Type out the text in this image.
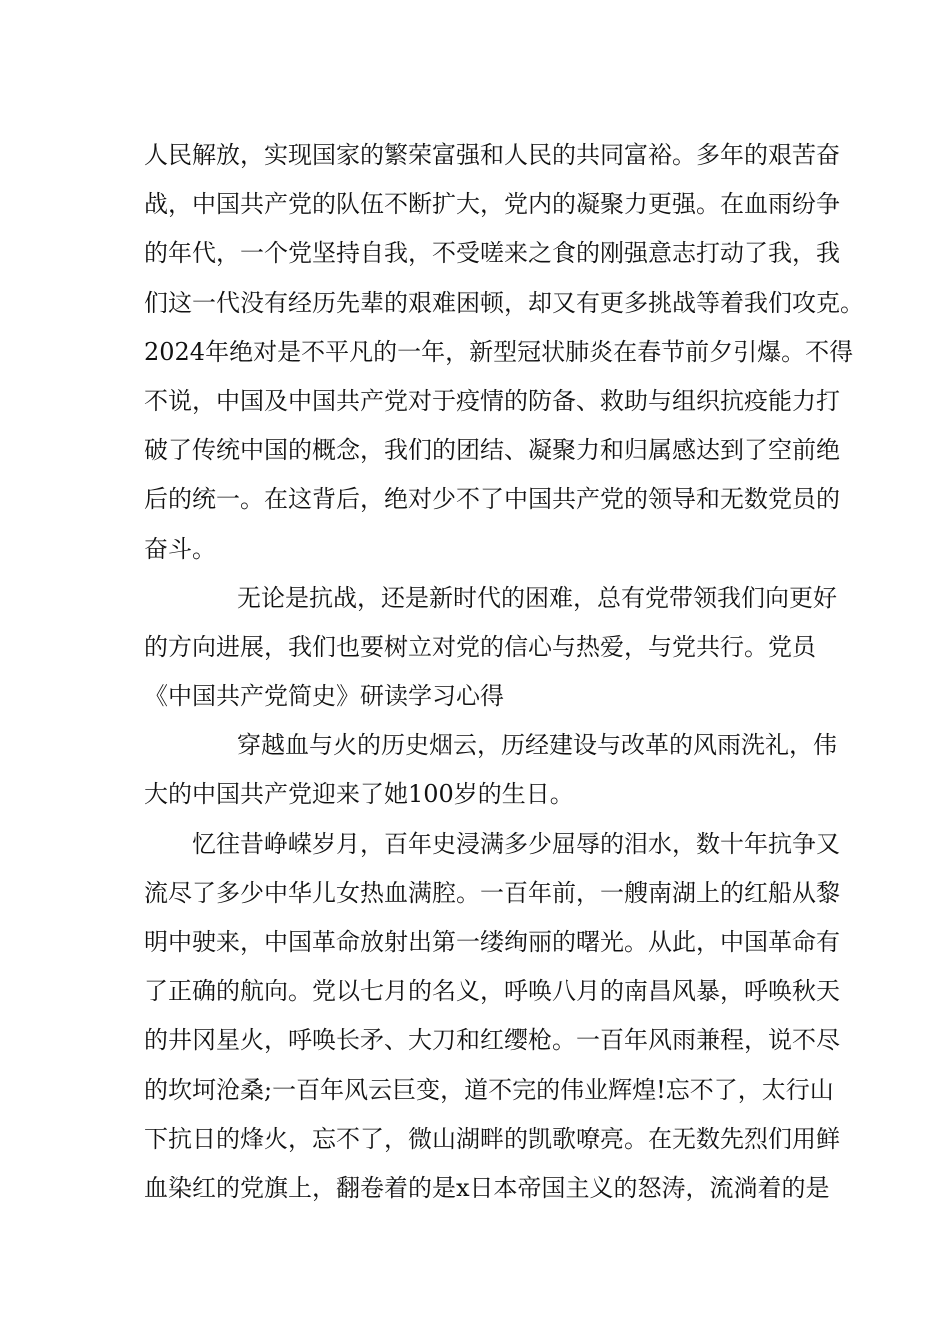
人民解放，实现国家的繁荣富强和人民的共同富裕。多年的艰苦奋
战，中国共产党的队伍不断扩大，党内的凝聚力更强。在血雨纷争
的年代，一个党坚持自我，不受嗟来之食的刚强意志打动了我，我
们这一代没有经历先辈的艰难困顿，却又有更多挑战等着我们攻克。
2024年绝对是不平凡的一年，新型冠状肺炎在春节前夕引爆。不得
不说，中国及中国共产党对于疫情的防备、救助与组织抗疫能力打
破了传统中国的概念，我们的团结、凝聚力和归属感达到了空前绝
后的统一。在这背后，绝对少不了中国共产党的领导和无数党员的
奋斗。
无论是抗战，还是新时代的困难，总有党带领我们向更好
的方向进展，我们也要树立对党的信心与热爱，与党共行。党员
《中国共产党简史》研读学习心得
穿越血与火的历史烟云，历经建设与改革的风雨洗礼，伟
大的中国共产党迎来了她100岁的生日。
忆往昔峥嵘岁月，百年史浸满多少屈辱的泪水，数十年抗争又
流尽了多少中华儿女热血满腔。一百年前，一艘南湖上的红船从黎
明中驶来，中国革命放射出第一缕绚丽的曙光。从此，中国革命有
了正确的航向。党以七月的名义，呼唤八月的南昌风暴，呼唤秋天
的井冈星火，呼唤长矛、大刀和红缨枪。一百年风雨兼程，说不尽
的坎坷沧桑;一百年风云巨变，道不完的伟业辉煌!忘不了，太行山
下抗日的烽火，忘不了，微山湖畔的凯歌嘹亮。在无数先烈们用鲜
血染红的党旗上，翻卷着的是x日本帝国主义的怒涛，流淌着的是
